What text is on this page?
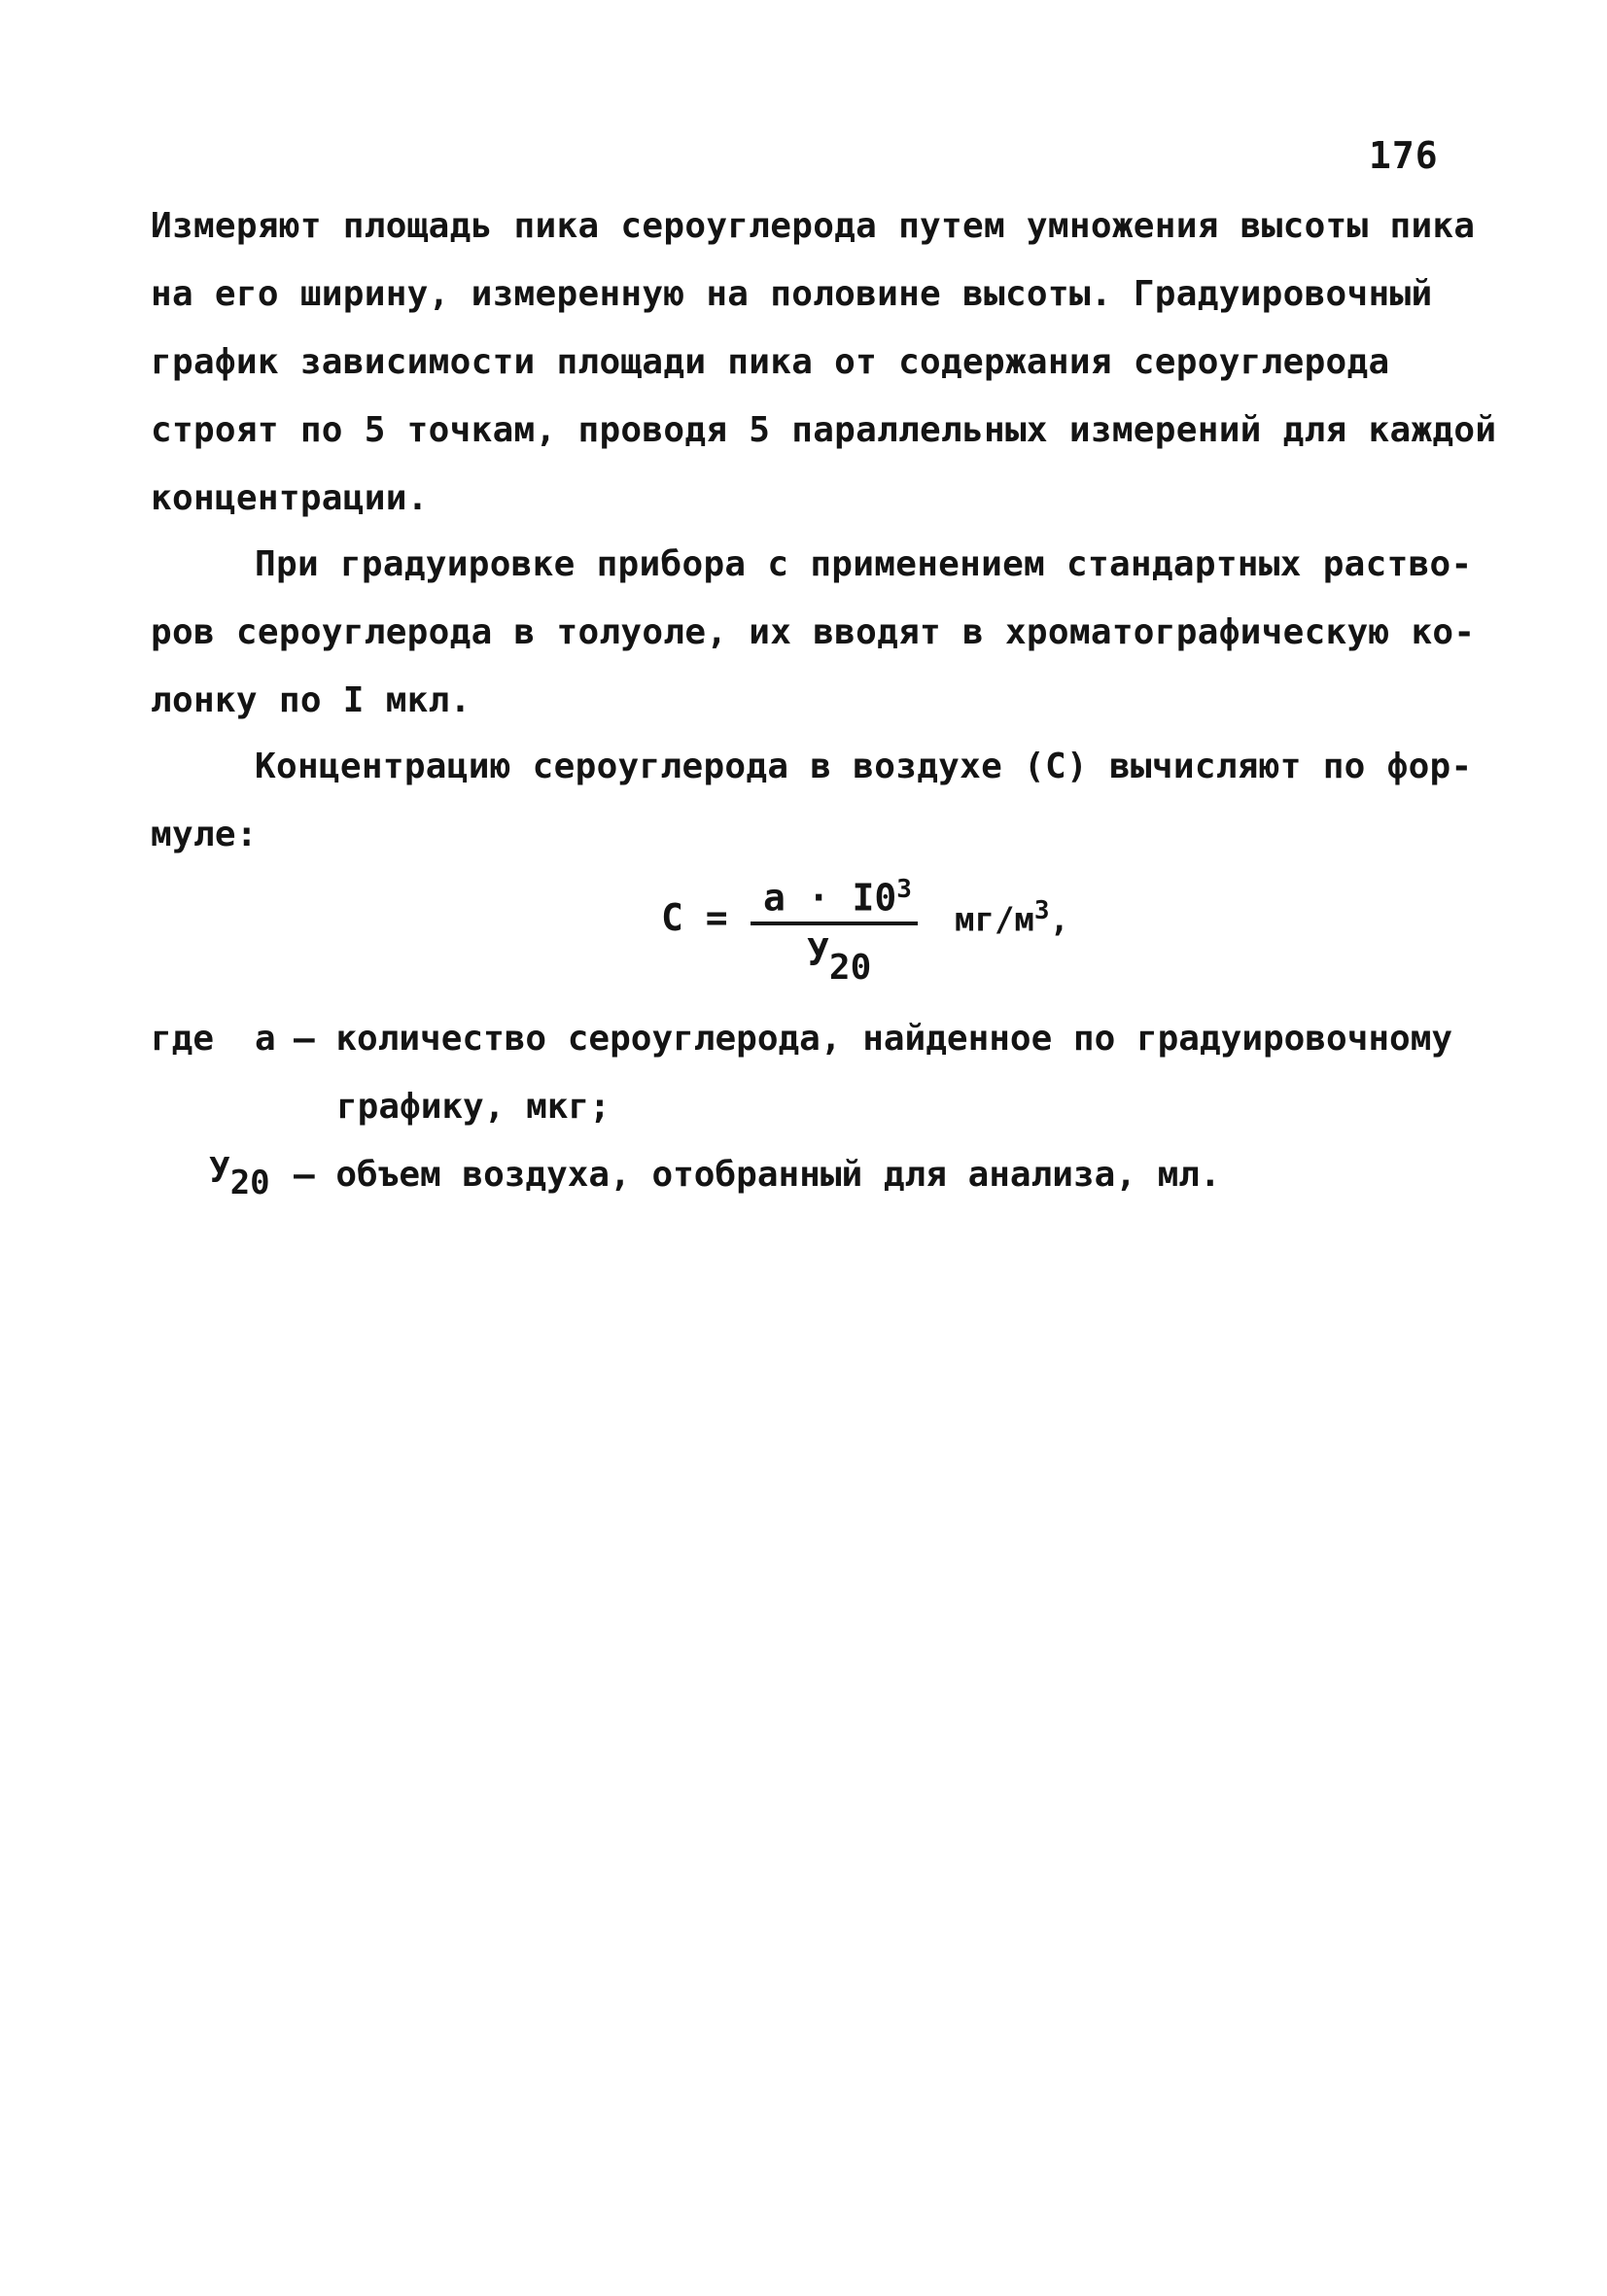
176
Измеряют площадь пика сероуглерода путем умножения высоты пика
на его ширину, измеренную на половине высоты. Градуировочный
график зависимости площади пика от содержания сероуглерода
строят по 5 точкам, проводя 5 параллельных измерений для каждой
концентрации.
При градуировке прибора с применением стандартных раство-
ров сероуглерода в толуоле, их вводят в хроматографическую ко-
лонку по I мкл.
Концентрацию сероуглерода в воздухе (С) вычисляют по фор-
муле:
$С = a \cdot I0^3$
$У_{20}$
$мг/м^3$,
где а – количество сероуглерода, найденное по градуировочному
графику, мкг;
$У_{20}$ – объем воздуха, отобранный для анализа, мл.
